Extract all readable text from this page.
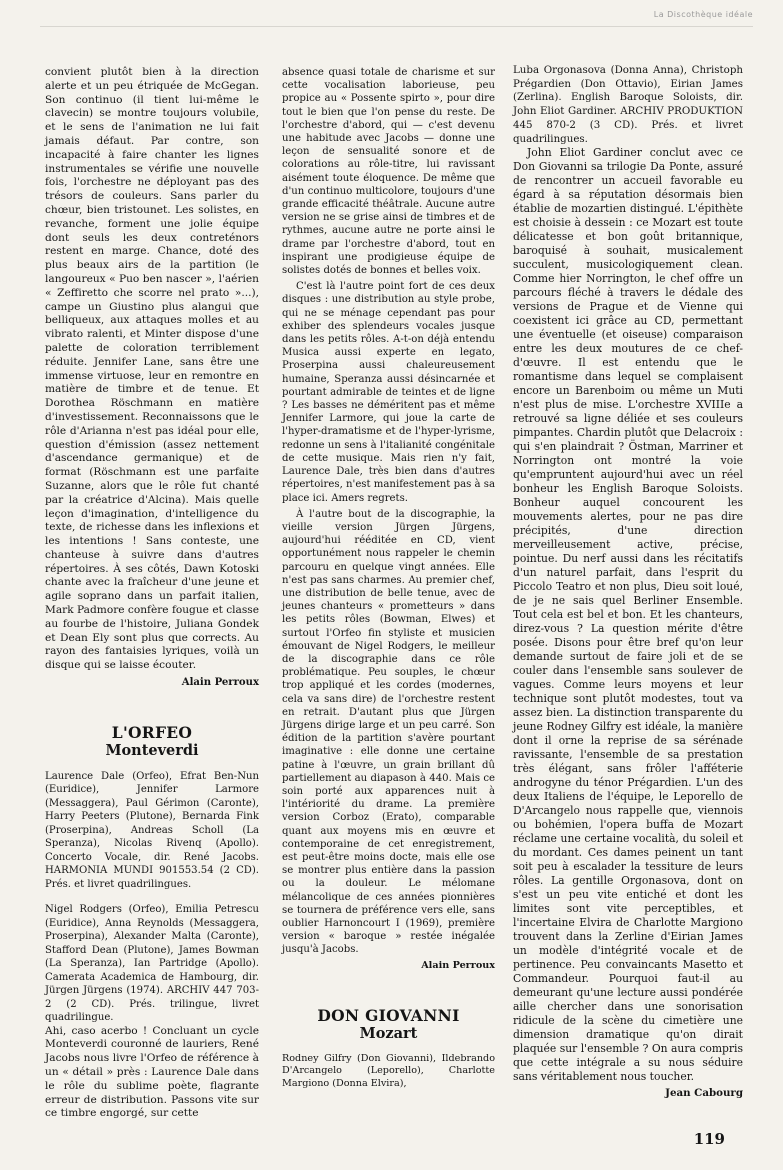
La Discothèque idéale

convient plutôt bien à la direction alerte et un peu étriquée de McGegan. Son continuo (il tient lui-même le clavecin) se montre toujours volubile, et le sens de l'animation ne lui fait jamais défaut. Par contre, son incapacité à faire chanter les lignes instrumentales se vérifie une nouvelle fois, l'orchestre ne déployant pas des trésors de couleurs. Sans parler du chœur, bien tristounet. Les solistes, en revanche, forment une jolie équipe dont seuls les deux contreténors restent en marge. Chance, doté des plus beaux airs de la partition (le langoureux « Puo ben nascer », l'aérien « Zeffiretto che scorre nel prato »...), campe un Giustino plus alangui que belliqueux, aux attaques molles et au vibrato ralenti, et Minter dispose d'une palette de coloration terriblement réduite. Jennifer Lane, sans être une immense virtuose, leur en remontre en matière de timbre et de tenue. Et Dorothea Röschmann en matière d'investissement. Reconnaissons que le rôle d'Arianna n'est pas idéal pour elle, question d'émission (assez nettement d'ascendance germanique) et de format (Röschmann est une parfaite Suzanne, alors que le rôle fut chanté par la créatrice d'Alcina). Mais quelle leçon d'imagination, d'intelligence du texte, de richesse dans les inflexions et les intentions ! Sans conteste, une chanteuse à suivre dans d'autres répertoires. À ses côtés, Dawn Kotoski chante avec la fraîcheur d'une jeune et agile soprano dans un parfait italien, Mark Padmore confère fougue et classe au fourbe de l'histoire, Juliana Gondek et Dean Ely sont plus que corrects. Au rayon des fantaisies lyriques, voilà un disque qui se laisse écouter.

Alain Perroux

L'ORFEO
Monteverdi
Laurence Dale (Orfeo), Efrat Ben-Nun (Euridice), Jennifer Larmore (Messaggera), Paul Gérimon (Caronte), Harry Peeters (Plutone), Bernarda Fink (Proserpina), Andreas Scholl (La Speranza), Nicolas Rivenq (Apollo). Concerto Vocale, dir. René Jacobs. HARMONIA MUNDI 901553.54 (2 CD). Prés. et livret quadrilingues.
Nigel Rodgers (Orfeo), Emilia Petrescu (Euridice), Anna Reynolds (Messaggera, Proserpina), Alexander Malta (Caronte), Stafford Dean (Plutone), James Bowman (La Speranza), Ian Partridge (Apollo). Camerata Academica de Hambourg, dir. Jürgen Jürgens (1974). ARCHIV 447 703-2 (2 CD). Prés. trilingue, livret quadrilingue.

Ahi, caso acerbo ! Concluant un cycle Monteverdi couronné de lauriers, René Jacobs nous livre l'Orfeo de référence à un « détail » près : Laurence Dale dans le rôle du sublime poète, flagrante erreur de distribution. Passons vite sur ce timbre engorgé, sur cette

absence quasi totale de charisme et sur cette vocalisation laborieuse, peu propice au « Possente spirto », pour dire tout le bien que l'on pense du reste. De l'orchestre d'abord, qui — c'est devenu une habitude avec Jacobs — donne une leçon de sensualité sonore et de colorations au rôle-titre, lui ravissant aisément toute éloquence. De même que d'un continuo multicolore, toujours d'une grande efficacité théâtrale. Aucune autre version ne se grise ainsi de timbres et de rythmes, aucune autre ne porte ainsi le drame par l'orchestre d'abord, tout en inspirant une prodigieuse équipe de solistes dotés de bonnes et belles voix.

C'est là l'autre point fort de ces deux disques : une distribution au style probe, qui ne se ménage cependant pas pour exhiber des splendeurs vocales jusque dans les petits rôles. A-t-on déjà entendu Musica aussi experte en legato, Proserpina aussi chaleureusement humaine, Speranza aussi désincarnée et pourtant admirable de teintes et de ligne ? Les basses ne déméritent pas et même Jennifer Larmore, qui joue la carte de l'hyper-dramatisme et de l'hyper-lyrisme, redonne un sens à l'italianité congénitale de cette musique. Mais rien n'y fait, Laurence Dale, très bien dans d'autres répertoires, n'est manifestement pas à sa place ici. Amers regrets.

À l'autre bout de la discographie, la vieille version Jürgen Jürgens, aujourd'hui rééditée en CD, vient opportunément nous rappeler le chemin parcouru en quelque vingt années. Elle n'est pas sans charmes. Au premier chef, une distribution de belle tenue, avec de jeunes chanteurs « prometteurs » dans les petits rôles (Bowman, Elwes) et surtout l'Orfeo fin styliste et musicien émouvant de Nigel Rodgers, le meilleur de la discographie dans ce rôle problématique. Peu souples, le chœur trop appliqué et les cordes (modernes, cela va sans dire) de l'orchestre restent en retrait. D'autant plus que Jürgen Jürgens dirige large et un peu carré. Son édition de la partition s'avère pourtant imaginative : elle donne une certaine patine à l'œuvre, un grain brillant dû partiellement au diapason à 440. Mais ce soin porté aux apparences nuit à l'intériorité du drame. La première version Corboz (Erato), comparable quant aux moyens mis en œuvre et contemporaine de cet enregistrement, est peut-être moins docte, mais elle ose se montrer plus entière dans la passion ou la douleur. Le mélomane mélancolique de ces années pionnières se tournera de préférence vers elle, sans oublier Harnoncourt I (1969), première version « baroque » restée inégalée jusqu'à Jacobs.

Alain Perroux

DON GIOVANNI
Mozart
Rodney Gilfry (Don Giovanni), Ildebrando D'Arcangelo (Leporello), Charlotte Margiono (Donna Elvira),
Luba Orgonasova (Donna Anna), Christoph Prégardien (Don Ottavio), Eirian James (Zerlina). English Baroque Soloists, dir. John Eliot Gardiner. ARCHIV PRODUKTION 445 870-2 (3 CD). Prés. et livret quadrilingues.

John Eliot Gardiner conclut avec ce Don Giovanni sa trilogie Da Ponte, assuré de rencontrer un accueil favorable eu égard à sa réputation désormais bien établie de mozartien distingué. L'épithète est choisie à dessein : ce Mozart est toute délicatesse et bon goût britannique, baroquisé à souhait, musicalement succulent, musicologiquement clean. Comme hier Norrington, le chef offre un parcours fléché à travers le dédale des versions de Prague et de Vienne qui coexistent ici grâce au CD, permettant une éventuelle (et oiseuse) comparaison entre les deux moutures de ce chef-d'œuvre. Il est entendu que le romantisme dans lequel se complaisent encore un Barenboim ou même un Muti n'est plus de mise. L'orchestre XVIIIe a retrouvé sa ligne déliée et ses couleurs pimpantes. Chardin plutôt que Delacroix : qui s'en plaindrait ? Östman, Marriner et Norrington ont montré la voie qu'empruntent aujourd'hui avec un réel bonheur les English Baroque Soloists. Bonheur auquel concourent les mouvements alertes, pour ne pas dire précipités, d'une direction merveilleusement active, précise, pointue. Du nerf aussi dans les récitatifs d'un naturel parfait, dans l'esprit du Piccolo Teatro et non plus, Dieu soit loué, de je ne sais quel Berliner Ensemble. Tout cela est bel et bon. Et les chanteurs, direz-vous ? La question mérite d'être posée. Disons pour être bref qu'on leur demande surtout de faire joli et de se couler dans l'ensemble sans soulever de vagues. Comme leurs moyens et leur technique sont plutôt modestes, tout va assez bien. La distinction transparente du jeune Rodney Gilfry est idéale, la manière dont il orne la reprise de sa sérénade ravissante, l'ensemble de sa prestation très élégant, sans frôler l'afféterie androgyne du ténor Prégardien. L'un des deux Italiens de l'équipe, le Leporello de D'Arcangelo nous rappelle que, viennois ou bohémien, l'opera buffa de Mozart réclame une certaine vocalità, du soleil et du mordant. Ces dames peinent un tant soit peu à escalader la tessiture de leurs rôles. La gentille Orgonasova, dont on s'est un peu vite entiché et dont les limites sont vite perceptibles, et l'incertaine Elvira de Charlotte Margiono trouvent dans la Zerline d'Eirian James un modèle d'intégrité vocale et de pertinence. Peu convaincants Masetto et Commandeur. Pourquoi faut-il au demeurant qu'une lecture aussi pondérée aille chercher dans une sonorisation ridicule de la scène du cimetière une dimension dramatique qu'on dirait plaquée sur l'ensemble ? On aura compris que cette intégrale a su nous séduire sans véritablement nous toucher.

Jean Cabourg

119
